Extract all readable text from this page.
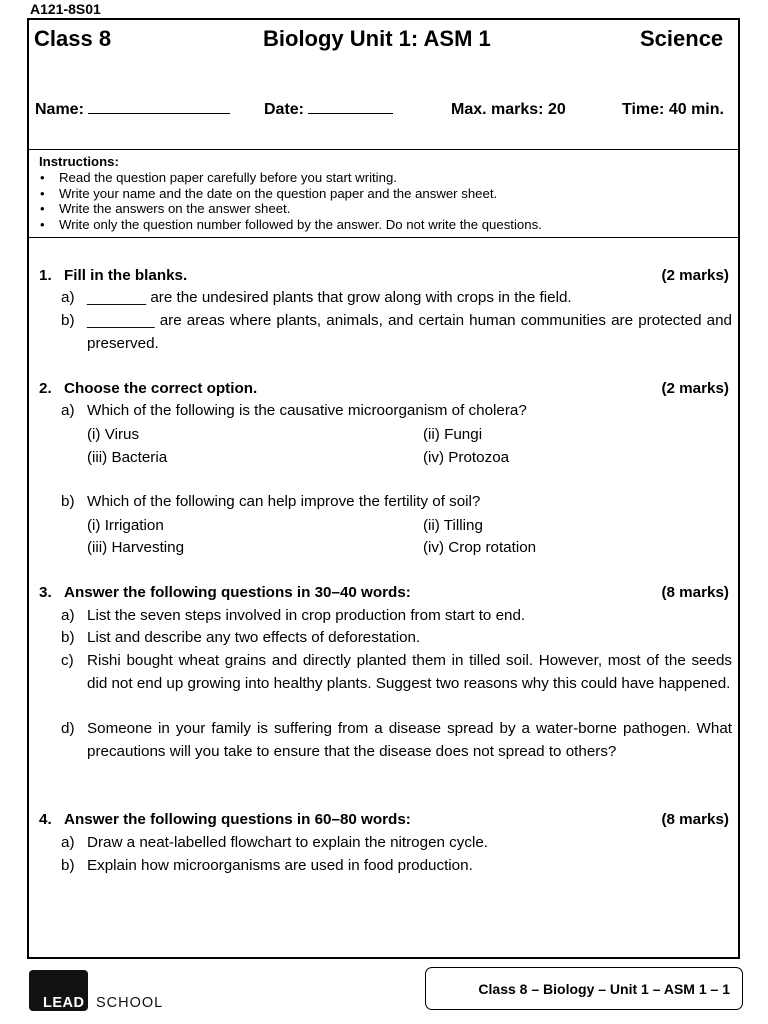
A121-8S01
Class 8	Biology Unit 1: ASM 1	Science
Name:	Date:	Max. marks: 20	Time: 40 min.
Instructions:
• Read the question paper carefully before you start writing.
• Write your name and the date on the question paper and the answer sheet.
• Write the answers on the answer sheet.
• Write only the question number followed by the answer. Do not write the questions.
1. Fill in the blanks.	(2 marks)
a) _______ are the undesired plants that grow along with crops in the field.
b) ________ are areas where plants, animals, and certain human communities are protected and preserved.
2. Choose the correct option.	(2 marks)
a) Which of the following is the causative microorganism of cholera?
(i) Virus	(ii) Fungi
(iii) Bacteria	(iv) Protozoa
b) Which of the following can help improve the fertility of soil?
(i) Irrigation	(ii) Tilling
(iii) Harvesting	(iv) Crop rotation
3. Answer the following questions in 30–40 words:	(8 marks)
a) List the seven steps involved in crop production from start to end.
b) List and describe any two effects of deforestation.
c) Rishi bought wheat grains and directly planted them in tilled soil. However, most of the seeds did not end up growing into healthy plants. Suggest two reasons why this could have happened.
d) Someone in your family is suffering from a disease spread by a water-borne pathogen. What precautions will you take to ensure that the disease does not spread to others?
4. Answer the following questions in 60–80 words:	(8 marks)
a) Draw a neat-labelled flowchart to explain the nitrogen cycle.
b) Explain how microorganisms are used in food production.
LEAD SCHOOL
Class 8 – Biology – Unit 1 – ASM 1 – 1
